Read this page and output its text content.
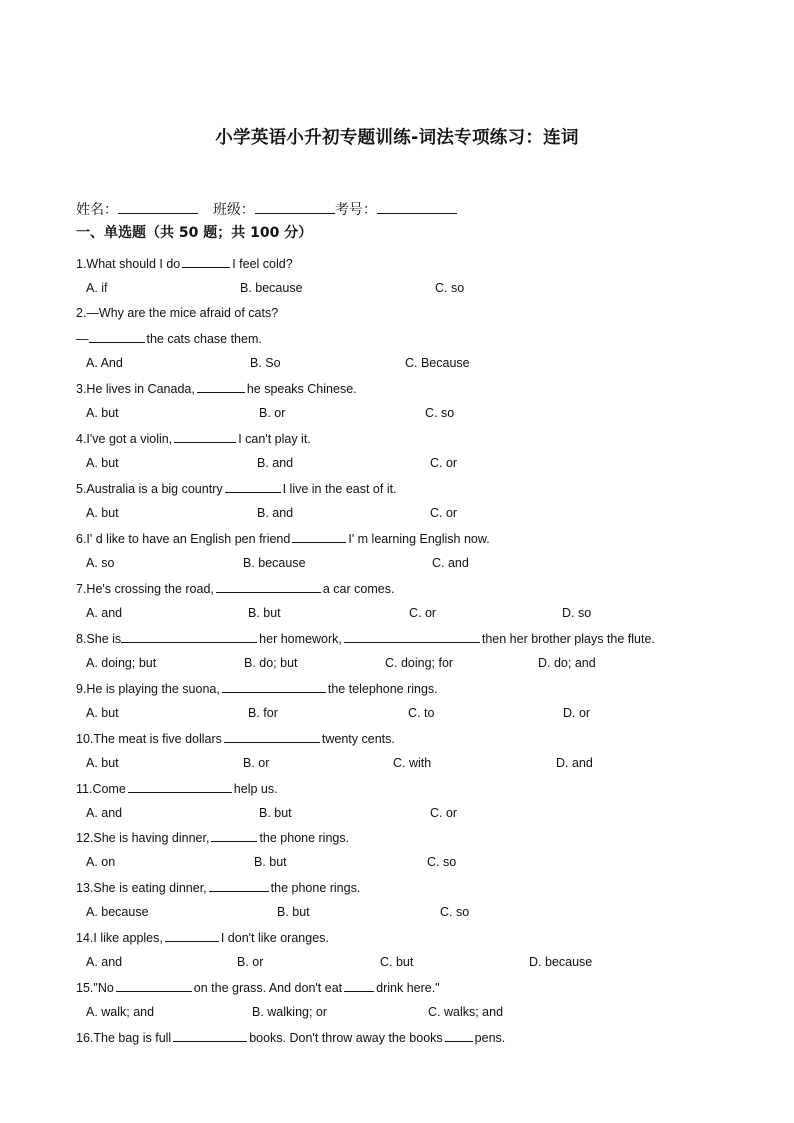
小学英语小升初专题训练-词法专项练习：连词
姓名：	班级：	考号：
一、单选题（共 50 题；共 100 分）
1.What should I do	I feel cold?
A. if	B. because	C. so
2.—Why are the mice afraid of cats?
—	the cats chase them.
A. And	B. So	C. Because
3.He lives in Canada,	he speaks Chinese.
A. but	B. or	C. so
4.I've got a violin,	I can't play it.
A. but	B. and	C. or
5.Australia is a big country	I live in the east of it.
A. but	B. and	C. or
6.I' d like to have an English pen friend	I' m learning English now.
A. so	B. because	C. and
7.He's crossing the road,	a car comes.
A. and	B. but	C. or	D. so
8.She is	her homework,	then her brother plays the flute.
A. doing; but	B. do; but	C. doing; for	D. do; and
9.He is playing the suona,	the telephone rings.
A. but	B. for	C. to	D. or
10.The meat is five dollars	twenty cents.
A. but	B. or	C. with	D. and
11.Come	help us.
A. and	B. but	C. or
12.She is having dinner,	the phone rings.
A. on	B. but	C. so
13.She is eating dinner,	the phone rings.
A. because	B. but	C. so
14.I like apples,	I don't like oranges.
A. and	B. or	C. but	D. because
15."No	on the grass. And don't eat	drink here."
A. walk; and	B. walking; or	C. walks; and
16.The bag is full	books. Don't throw away the books	pens.
